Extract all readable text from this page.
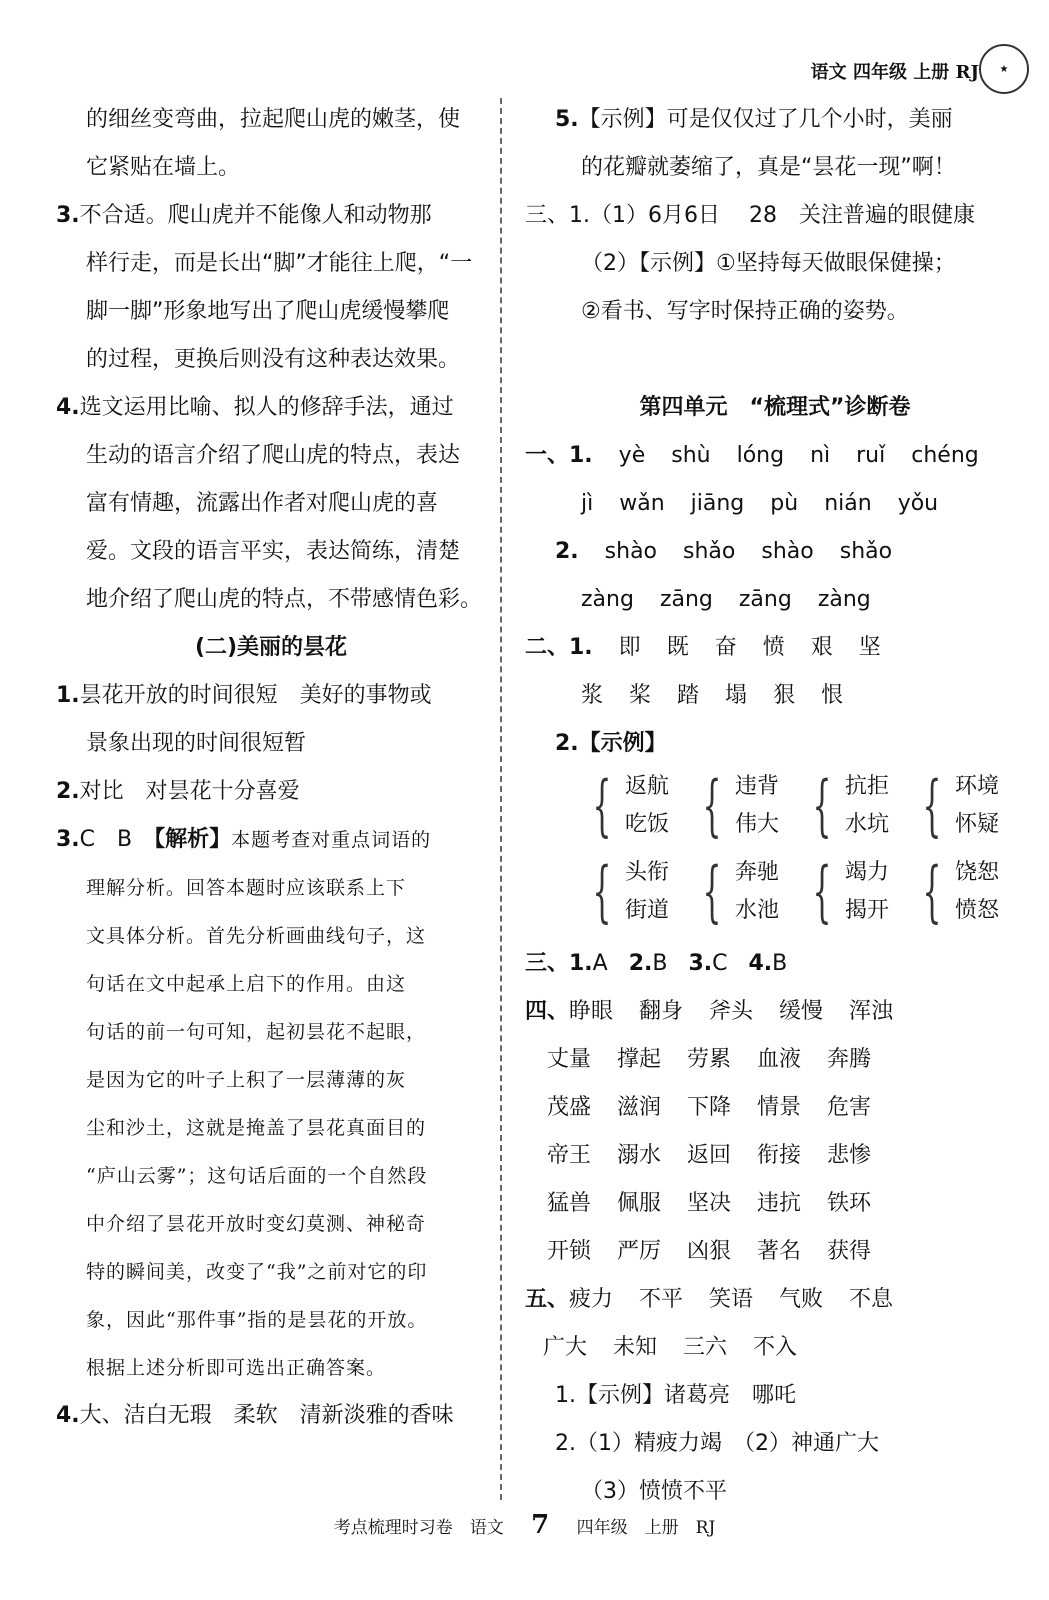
语文 四年级 上册 RJ	★
的细丝变弯曲，拉起爬山虎的嫩茎，使
它紧贴在墙上。
3.不合适。爬山虎并不能像人和动物那
样行走，而是长出“脚”才能往上爬，“一
脚一脚”形象地写出了爬山虎缓慢攀爬
的过程，更换后则没有这种表达效果。
4.选文运用比喻、拟人的修辞手法，通过
生动的语言介绍了爬山虎的特点，表达
富有情趣，流露出作者对爬山虎的喜
爱。文段的语言平实，表达简练，清楚
地介绍了爬山虎的特点，不带感情色彩。
(二)美丽的昙花
1.昙花开放的时间很短　美好的事物或
景象出现的时间很短暂
2.对比　对昙花十分喜爱
3.C　B　【解析】本题考查对重点词语的
理解分析。回答本题时应该联系上下
文具体分析。首先分析画曲线句子，这
句话在文中起承上启下的作用。由这
句话的前一句可知，起初昙花不起眼，
是因为它的叶子上积了一层薄薄的灰
尘和沙土，这就是掩盖了昙花真面目的
“庐山云雾”；这句话后面的一个自然段
中介绍了昙花开放时变幻莫测、神秘奇
特的瞬间美，改变了“我”之前对它的印
象，因此“那件事”指的是昙花的开放。
根据上述分析即可选出正确答案。
4.大、洁白无瑕　柔软　清新淡雅的香味
5.【示例】可是仅仅过了几个小时，美丽
的花瓣就萎缩了，真是“昙花一现”啊！
三、1.（1）6月6日　 28　关注普遍的眼健康
（2）【示例】①坚持每天做眼保健操；
②看书、写字时保持正确的姿势。
第四单元　“梳理式”诊断卷
一、1. yè shù lóng nì ruǐ chéng
jì wǎn jiāng pù nián yǒu
2. shào shǎo shào shǎo
zàng zāng zāng zàng
二、1. 即 既 奋 愤 艰 坚
浆 桨 踏 塌 狠 恨
2.【示例】
{ 返航
吃饭 { 违背
伟大 { 抗拒
水坑 { 环境
怀疑
{ 头衔
街道 { 奔驰
水池 { 竭力
揭开 { 饶恕
愤怒
三、1.A 2.B 3.C 4.B
四、睁眼 翻身 斧头 缓慢 浑浊
丈量 撑起 劳累 血液 奔腾
茂盛 滋润 下降 情景 危害
帝王 溺水 返回 衔接 悲惨
猛兽 佩服 坚决 违抗 铁环
开锁 严厉 凶狠 著名 获得
五、疲力 不平 笑语 气败 不息
广大 未知 三六 不入
1.【示例】诸葛亮　哪吒
2.（1）精疲力竭　（2）神通广大
（3）愤愤不平
考点梳理时习卷　语文 7 四年级　上册　RJ
